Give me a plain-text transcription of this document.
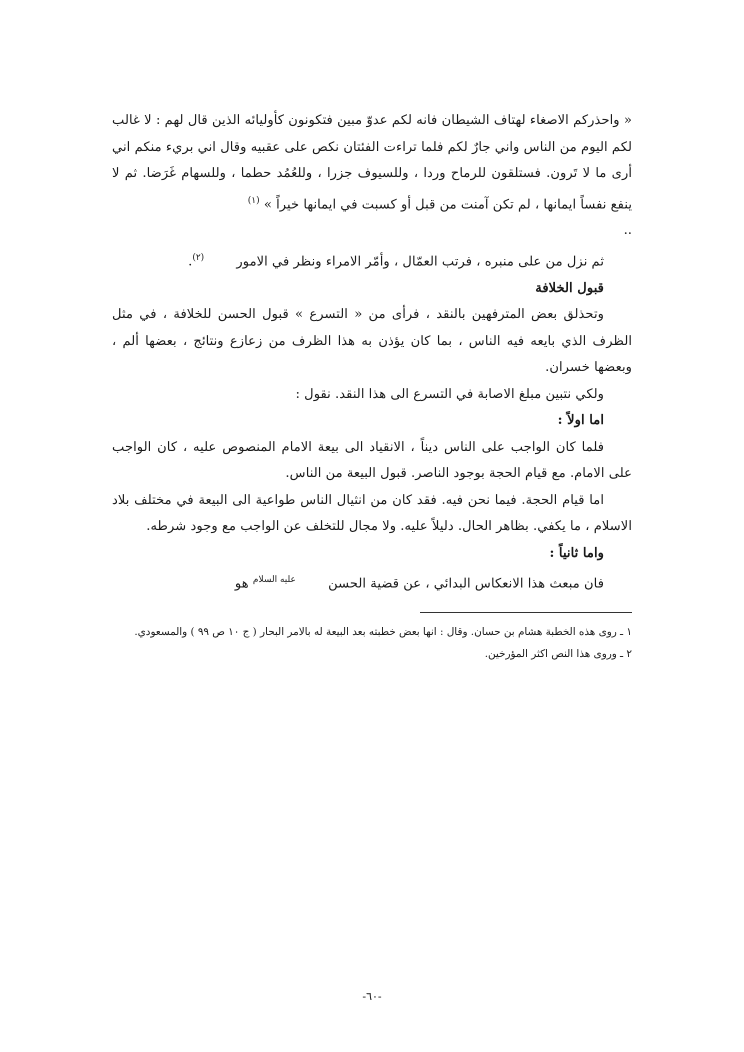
« واحذركم الاصغاء لهتاف الشيطان فانه لكم عدوّ مبين فتكونون كأوليائه الذين قال لهم : لا غالب لكم اليوم من الناس واني جارٌ لكم فلما تراءت الفئتان نكص على عقبيه وقال اني بريء منكم اني أرى ما لا تَرون. فستلقون للرماح وردا ، وللسيوف جزرا ، وللعُمُد حطما ، وللسهام غَرَضا. ثم لا ينفع نفساً ايمانها ، لم تكن آمنت من قبل أو كسبت في ايمانها خيراً » (١)
..

ثم نزل من على منبره ، فرتب العمّال ، وأمّر الامراء ونظر في الامور (٢).

قبول الخلافة

وتحذلق بعض المترفهين بالنقد ، فرأى من « التسرع » قبول الحسن للخلافة ، في مثل الظرف الذي بايعه فيه الناس ، بما كان يؤذن به هذا الظرف من زعازع ونتائج ، بعضها ألم ، وبعضها خسران.

ولكي نتبين مبلغ الاصابة في التسرع الى هذا النقد. نقول :

اما اولاً :

فلما كان الواجب على الناس ديناً ، الانقياد الى بيعة الامام المنصوص عليه ، كان الواجب على الامام. مع قيام الحجة بوجود الناصر. قبول البيعة من الناس.

اما قيام الحجة. فيما نحن فيه. فقد كان من انثيال الناس طواعية الى البيعة في مختلف بلاد الاسلام ، ما يكفي. بظاهر الحال. دليلاً عليه. ولا مجال للتخلف عن الواجب مع وجود شرطه.

واما ثانياً :

فان مبعث هذا الانعكاس البدائي ، عن قضية الحسن عليه السلام هو

١ ـ روى هذه الخطبة هشام بن حسان. وقال : انها بعض خطبته بعد البيعة له بالامر البحار ( ج ١٠ ص ٩٩ ) والمسعودي.

٢ ـ وروى هذا النص اكثر المؤرخين.

-٦٠-
